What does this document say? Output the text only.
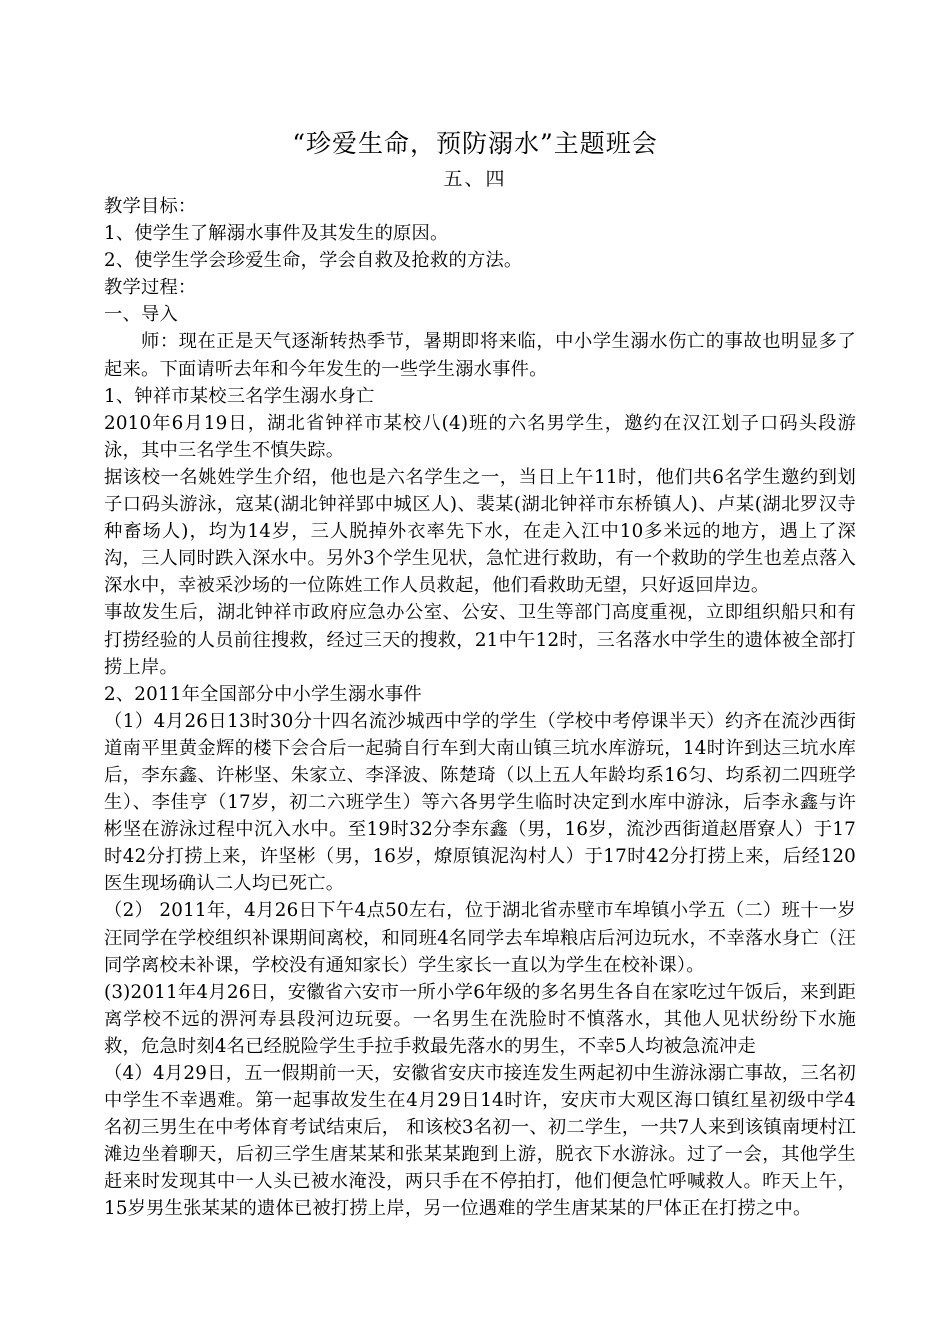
“珍爱生命，预防溺水”主题班会
五、四

教学目标：

1、使学生了解溺水事件及其发生的原因。

2、使学生学会珍爱生命，学会自救及抢救的方法。

教学过程：

一、导入

师：现在正是天气逐渐转热季节，暑期即将来临，中小学生溺水伤亡的事故也明显多了起来。下面请听去年和今年发生的一些学生溺水事件。

1、钟祥市某校三名学生溺水身亡

2010年6月19日，湖北省钟祥市某校八(4)班的六名男学生，邀约在汉江划子口码头段游泳，其中三名学生不慎失踪。

据该校一名姚姓学生介绍，他也是六名学生之一，当日上午11时，他们共6名学生邀约到划子口码头游泳，寇某(湖北钟祥郢中城区人)、裴某(湖北钟祥市东桥镇人)、卢某(湖北罗汉寺种畜场人)，均为14岁，三人脱掉外衣率先下水，在走入江中10多米远的地方，遇上了深沟，三人同时跌入深水中。另外3个学生见状，急忙进行救助，有一个救助的学生也差点落入深水中，幸被采沙场的一位陈姓工作人员救起，他们看救助无望，只好返回岸边。

事故发生后，湖北钟祥市政府应急办公室、公安、卫生等部门高度重视，立即组织船只和有打捞经验的人员前往搜救，经过三天的搜救，21中午12时，三名落水中学生的遗体被全部打捞上岸。

2、2011年全国部分中小学生溺水事件

（1）4月26日13时30分十四名流沙城西中学的学生（学校中考停课半天）约齐在流沙西街道南平里黄金辉的楼下会合后一起骑自行车到大南山镇三坑水库游玩，14时许到达三坑水库后，李东鑫、许彬坚、朱家立、李泽波、陈楚琦（以上五人年龄均系16匀、均系初二四班学生）、李佳亨（17岁，初二六班学生）等六各男学生临时决定到水库中游泳，后李永鑫与许彬坚在游泳过程中沉入水中。至19时32分李东鑫（男，16岁，流沙西街道赵厝寮人）于17时42分打捞上来，许坚彬（男，16岁，燎原镇泥沟村人）于17时42分打捞上来，后经120医生现场确认二人均已死亡。

（2） 2011年，4月26日下午4点50左右，位于湖北省赤壁市车埠镇小学五（二）班十一岁汪同学在学校组织补课期间离校，和同班4名同学去车埠粮店后河边玩水，不幸落水身亡（汪同学离校未补课，学校没有通知家长）学生家长一直以为学生在校补课）。

(3)2011年4月26日，安徽省六安市一所小学6年级的多名男生各自在家吃过午饭后，来到距离学校不远的淠河寿县段河边玩耍。一名男生在洗脸时不慎落水，其他人见状纷纷下水施救，危急时刻4名已经脱险学生手拉手救最先落水的男生，不幸5人均被急流冲走

（4）4月29日，五一假期前一天，安徽省安庆市接连发生两起初中生游泳溺亡事故，三名初中学生不幸遇难。第一起事故发生在4月29日14时许，安庆市大观区海口镇红星初级中学4名初三男生在中考体育考试结束后， 和该校3名初一、初二学生，一共7人来到该镇南埂村江滩边坐着聊天，后初三学生唐某某和张某某跑到上游，脱衣下水游泳。过了一会，其他学生赶来时发现其中一人头已被水淹没，两只手在不停拍打，他们便急忙呼喊救人。昨天上午，15岁男生张某某的遗体已被打捞上岸，另一位遇难的学生唐某某的尸体正在打捞之中。
